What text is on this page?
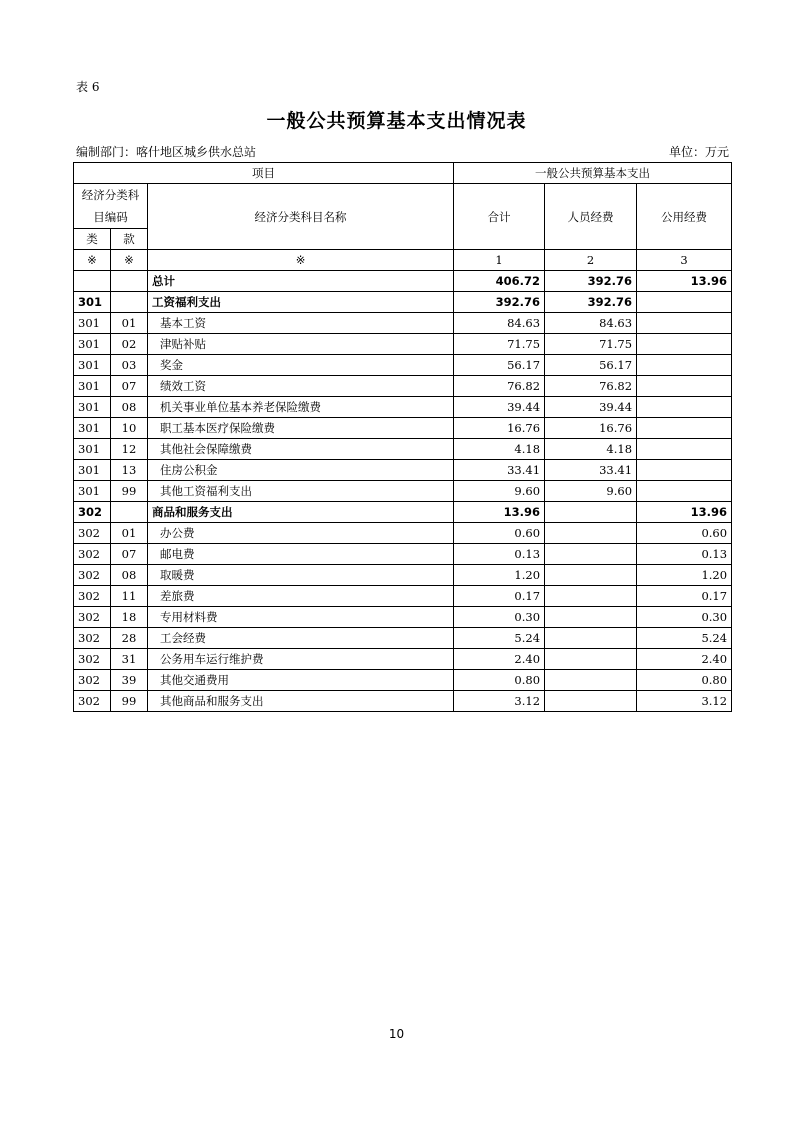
表 6
一般公共预算基本支出情况表
编制部门：喀什地区城乡供水总站	单位：万元
项目			一般公共预算基本支出		
经济分类科目编码		经济分类科目名称	合计	人员经费	公用经费
类	款				
※	※	※	1	2	3
		总计	406.72	392.76	13.96
301		工资福利支出	392.76	392.76	
301	01	基本工资	84.63	84.63	
301	02	津贴补贴	71.75	71.75	
301	03	奖金	56.17	56.17	
301	07	绩效工资	76.82	76.82	
301	08	机关事业单位基本养老保险缴费	39.44	39.44	
301	10	职工基本医疗保险缴费	16.76	16.76	
301	12	其他社会保障缴费	4.18	4.18	
301	13	住房公积金	33.41	33.41	
301	99	其他工资福利支出	9.60	9.60	
302		商品和服务支出	13.96		13.96
302	01	办公费	0.60		0.60
302	07	邮电费	0.13		0.13
302	08	取暖费	1.20		1.20
302	11	差旅费	0.17		0.17
302	18	专用材料费	0.30		0.30
302	28	工会经费	5.24		5.24
302	31	公务用车运行维护费	2.40		2.40
302	39	其他交通费用	0.80		0.80
302	99	其他商品和服务支出	3.12		3.12
10
